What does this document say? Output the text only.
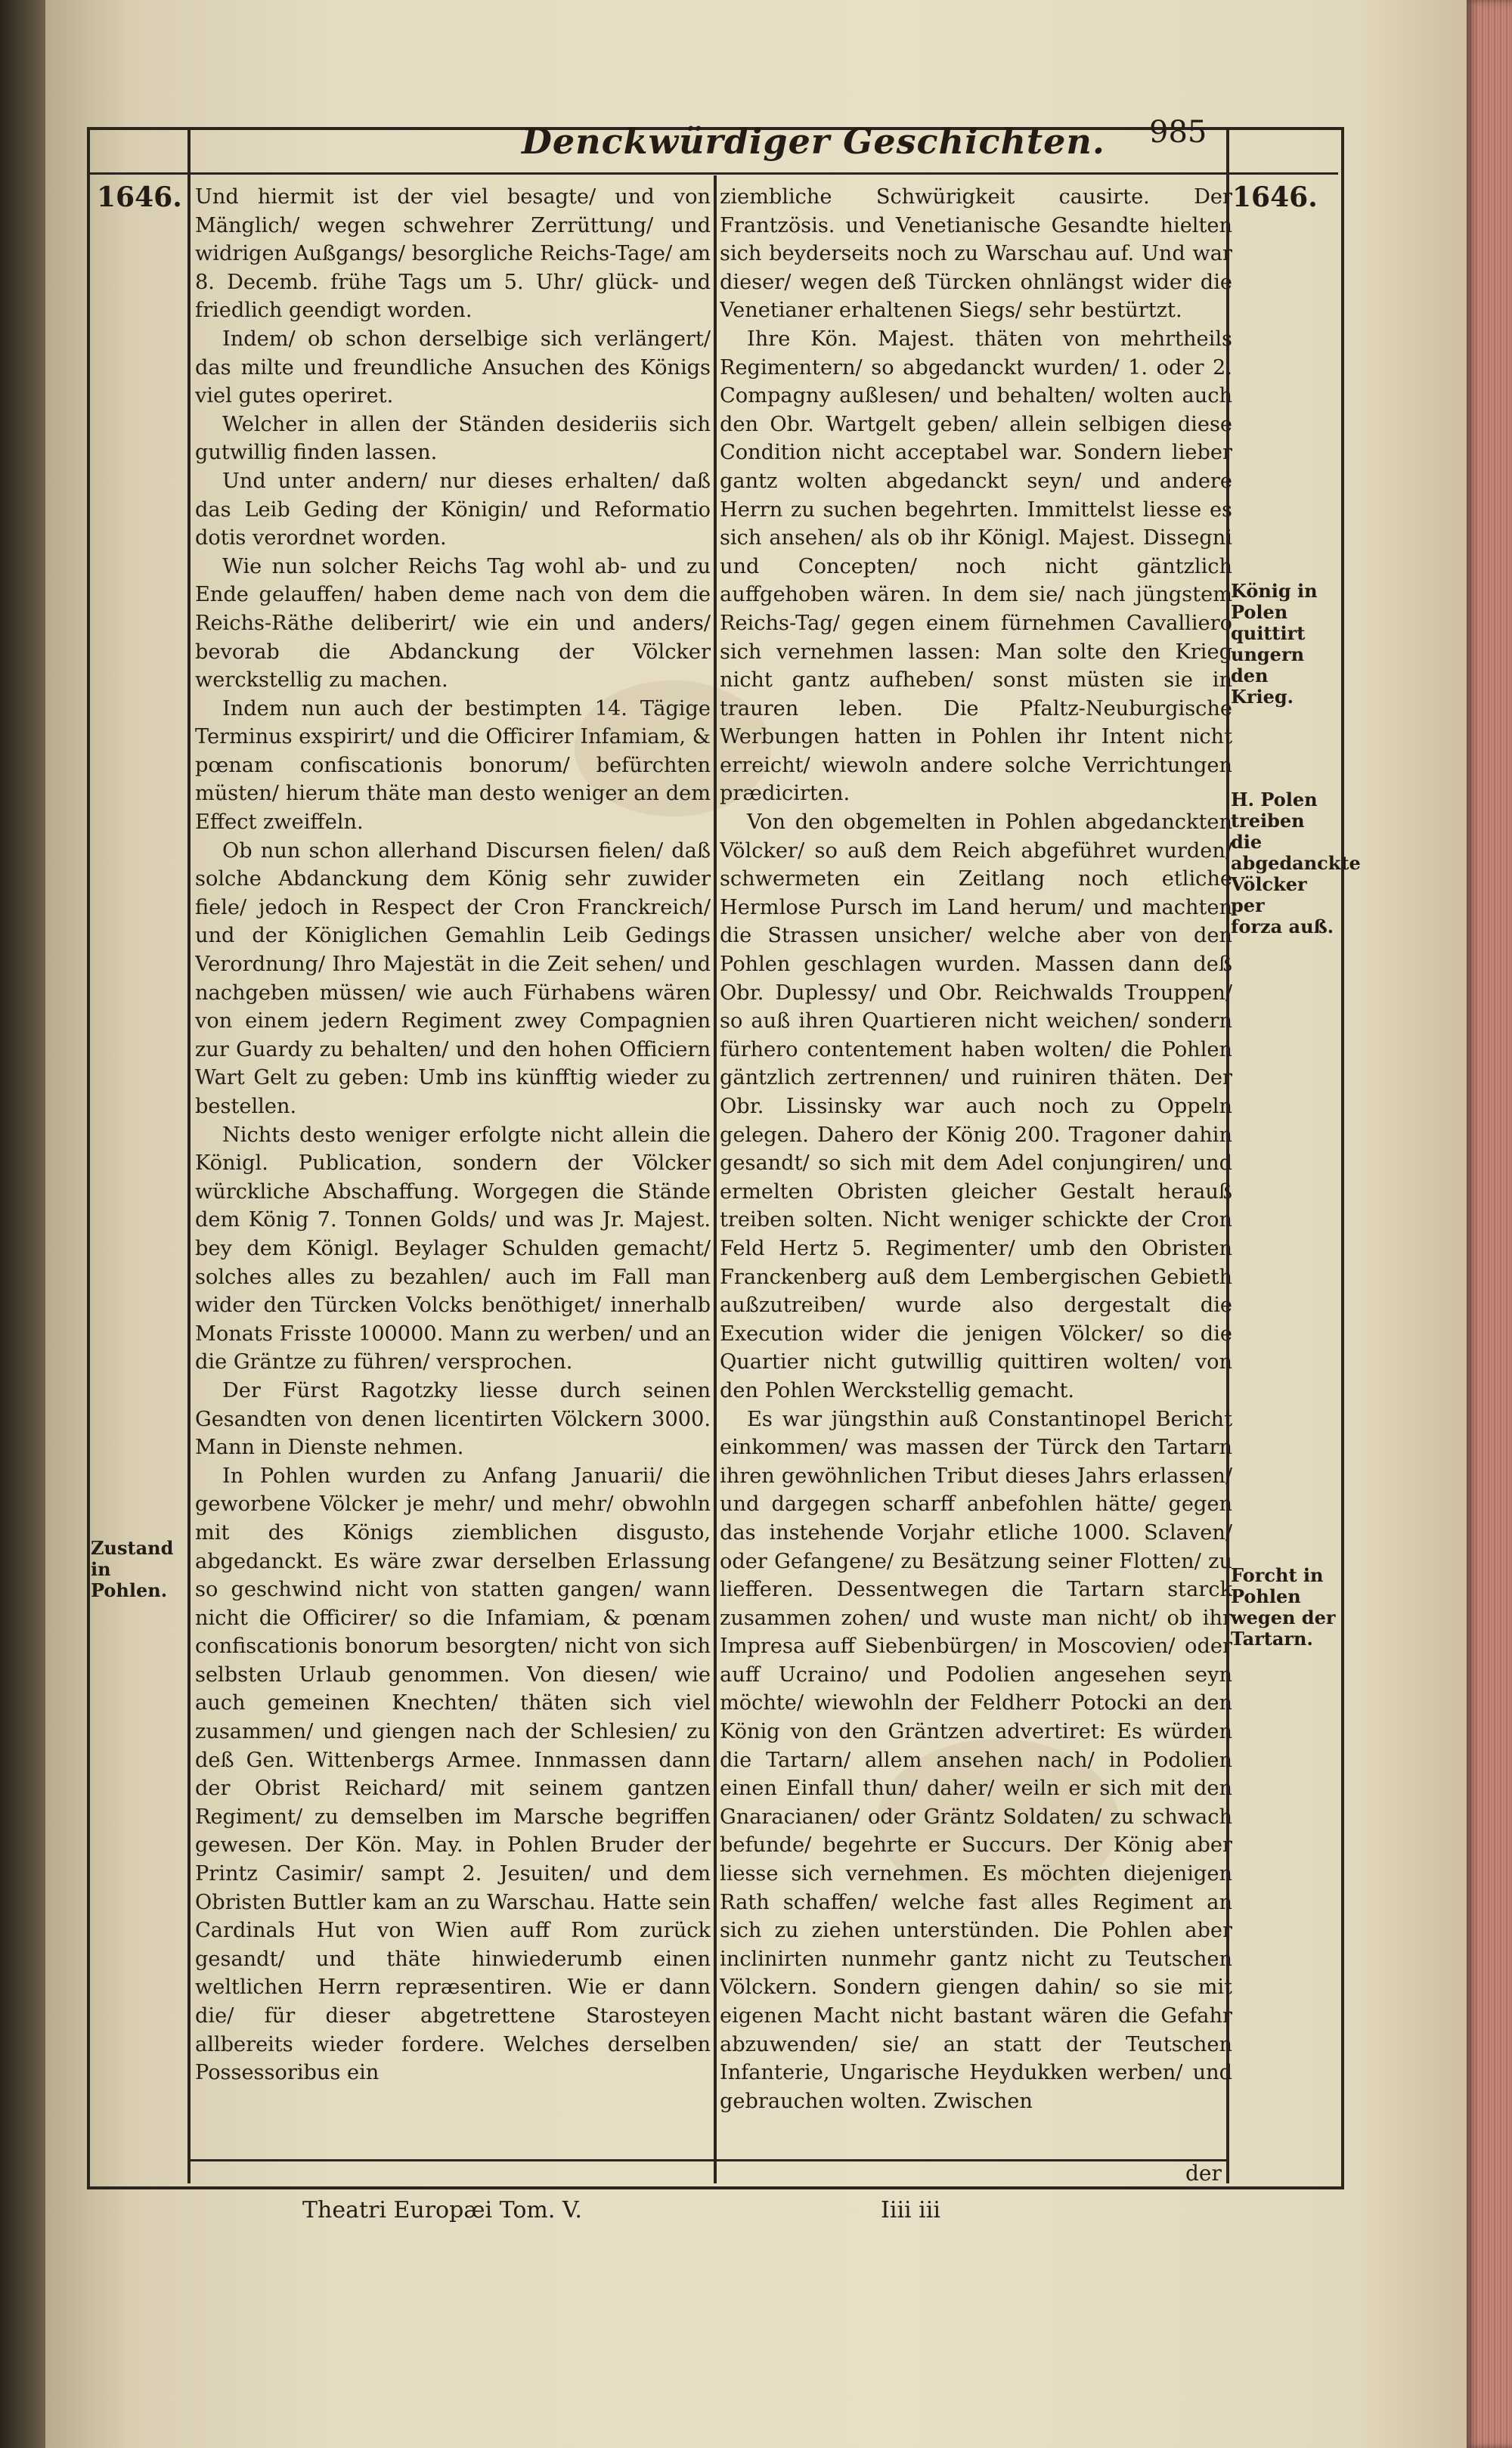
Denckwürdiger Geschichten. 985
1646.	1646.

Und hiermit ist der viel besagte/ und von Mänglich/ wegen schwehrer Zerrüttung/ und widrigen Außgangs/ besorgliche Reichs-Tage/ am 8. Decemb. frühe Tags um 5. Uhr/ glück- und friedlich geendigt worden.

Indem/ ob schon derselbige sich verlängert/ das milte und freundliche Ansuchen des Königs viel gutes operiret.

Welcher in allen der Ständen desideriis sich gutwillig finden lassen.

Und unter andern/ nur dieses erhalten/ daß das Leib Geding der Königin/ und Reformatio dotis verordnet worden.

Wie nun solcher Reichs Tag wohl ab- und zu Ende gelauffen/ haben deme nach von dem die Reichs-Räthe deliberirt/ wie ein und anders/ bevorab die Abdanckung der Völcker werckstellig zu machen.

Indem nun auch der bestimpten 14. Tägige Terminus exspirirt/ und die Officirer Infamiam, & pœnam confiscationis bonorum/ befürchten müsten/ hierum thäte man desto weniger an dem Effect zweiffeln.

Ob nun schon allerhand Discursen fielen/ daß solche Abdanckung dem König sehr zuwider fiele/ jedoch in Respect der Cron Franckreich/ und der Königlichen Gemahlin Leib Gedings Verordnung/ Ihro Majestät in die Zeit sehen/ und nachgeben müssen/ wie auch Fürhabens wären von einem jedern Regiment zwey Compagnien zur Guardy zu behalten/ und den hohen Officiern Wart Gelt zu geben: Umb ins künfftig wieder zu bestellen.

Nichts desto weniger erfolgte nicht allein die Königl. Publication, sondern der Völcker würckliche Abschaffung. Worgegen die Stände dem König 7. Tonnen Golds/ und was Jr. Majest. bey dem Königl. Beylager Schulden gemacht/ solches alles zu bezahlen/ auch im Fall man wider den Türcken Volcks benöthiget/ innerhalb Monats Frisste 100000. Mann zu werben/ und an die Gräntze zu führen/ versprochen.

Der Fürst Ragotzky liesse durch seinen Gesandten von denen licentirten Völckern 3000. Mann in Dienste nehmen.

In Pohlen wurden zu Anfang Januarii/ die geworbene Völcker je mehr/ und mehr/ obwohln mit des Königs ziemblichen disgusto, abgedanckt. Es wäre zwar derselben Erlassung so geschwind nicht von statten gangen/ wann nicht die Officirer/ so die Infamiam, & pœnam confiscationis bonorum besorgten/ nicht von sich selbsten Urlaub genommen. Von diesen/ wie auch gemeinen Knechten/ thäten sich viel zusammen/ und giengen nach der Schlesien/ zu deß Gen. Wittenbergs Armee. Innmassen dann der Obrist Reichard/ mit seinem gantzen Regiment/ zu demselben im Marsche begriffen gewesen. Der Kön. May. in Pohlen Bruder der Printz Casimir/ sampt 2. Jesuiten/ und dem Obristen Buttler kam an zu Warschau. Hatte sein Cardinals Hut von Wien auff Rom zurück gesandt/ und thäte hinwiederumb einen weltlichen Herrn repræsentiren. Wie er dann die/ für dieser abgetrettene Starosteyen allbereits wieder fordere. Welches derselben Possessoribus ein

ziembliche Schwürigkeit causirte. Der Frantzösis. und Venetianische Gesandte hielten sich beyderseits noch zu Warschau auf. Und war dieser/ wegen deß Türcken ohnlängst wider die Venetianer erhaltenen Siegs/ sehr bestürtzt.

Ihre Kön. Majest. thäten von mehrtheils Regimentern/ so abgedanckt wurden/ 1. oder 2. Compagny außlesen/ und behalten/ wolten auch den Obr. Wartgelt geben/ allein selbigen diese Condition nicht acceptabel war. Sondern lieber gantz wolten abgedanckt seyn/ und andere Herrn zu suchen begehrten. Immittelst liesse es sich ansehen/ als ob ihr Königl. Majest. Dissegni und Concepten/ noch nicht gäntzlich auffgehoben wären. In dem sie/ nach jüngstem Reichs-Tag/ gegen einem fürnehmen Cavalliero sich vernehmen lassen: Man solte den Krieg nicht gantz aufheben/ sonst müsten sie in trauren leben. Die Pfaltz-Neuburgische Werbungen hatten in Pohlen ihr Intent nicht erreicht/ wiewoln andere solche Verrichtungen prædicirten.

Von den obgemelten in Pohlen abgedanckten Völcker/ so auß dem Reich abgeführet wurden/ schwermeten ein Zeitlang noch etliche Hermlose Pursch im Land herum/ und machten die Strassen unsicher/ welche aber von den Pohlen geschlagen wurden. Massen dann deß Obr. Duplessy/ und Obr. Reichwalds Trouppen/ so auß ihren Quartieren nicht weichen/ sondern fürhero contentement haben wolten/ die Pohlen gäntzlich zertrennen/ und ruiniren thäten. Der Obr. Lissinsky war auch noch zu Oppeln gelegen. Dahero der König 200. Tragoner dahin gesandt/ so sich mit dem Adel conjungiren/ und ermelten Obristen gleicher Gestalt herauß treiben solten. Nicht weniger schickte der Cron Feld Hertz 5. Regimenter/ umb den Obristen Franckenberg auß dem Lembergischen Gebieth außzutreiben/ wurde also dergestalt die Execution wider die jenigen Völcker/ so die Quartier nicht gutwillig quittiren wolten/ von den Pohlen Werckstellig gemacht.

Es war jüngsthin auß Constantinopel Bericht einkommen/ was massen der Türck den Tartarn ihren gewöhnlichen Tribut dieses Jahrs erlassen/ und dargegen scharff anbefohlen hätte/ gegen das instehende Vorjahr etliche 1000. Sclaven/ oder Gefangene/ zu Besätzung seiner Flotten/ zu liefferen. Dessentwegen die Tartarn starck zusammen zohen/ und wuste man nicht/ ob ihr Impresa auff Siebenbürgen/ in Moscovien/ oder auff Ucraino/ und Podolien angesehen seyn möchte/ wiewohln der Feldherr Potocki an den König von den Gräntzen advertiret: Es würden die Tartarn/ allem ansehen nach/ in Podolien einen Einfall thun/ daher/ weiln er sich mit den Gnaracianen/ oder Gräntz Soldaten/ zu schwach befunde/ begehrte er Succurs. Der König aber liesse sich vernehmen. Es möchten diejenigen Rath schaffen/ welche fast alles Regiment an sich zu ziehen unterstünden. Die Pohlen aber inclinirten nunmehr gantz nicht zu Teutschen Völckern. Sondern giengen dahin/ so sie mit eigenen Macht nicht bastant wären die Gefahr abzuwenden/ sie/ an statt der Teutschen Infanterie, Ungarische Heydukken werben/ und gebrauchen wolten. Zwischen

Zustand in
Pohlen.
König in
Polen quittirt ungern
den Krieg.
H. Polen
treiben die
abgedanckte
Völcker per
forza auß.
Forcht in
Pohlen wegen der Tartarn.
der
Theatri Europæi Tom. V.	Iiii iii
